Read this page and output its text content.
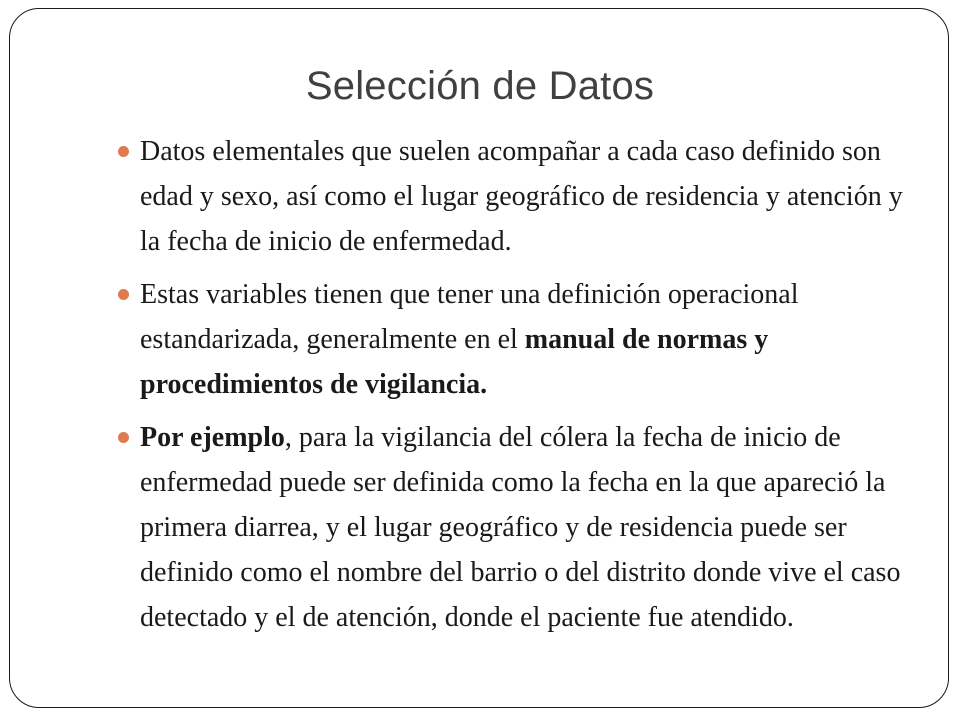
Selección de Datos
Datos elementales que suelen acompañar a cada caso definido son edad y sexo, así como el lugar geográfico de residencia y atención y la fecha de inicio de enfermedad.
Estas variables tienen que tener una definición operacional estandarizada, generalmente en el manual de normas y procedimientos de vigilancia.
Por ejemplo, para la vigilancia del cólera la fecha de inicio de enfermedad puede ser definida como la fecha en la que apareció la primera diarrea, y el lugar geográfico y de residencia puede ser definido como el nombre del barrio o del distrito donde vive el caso detectado y el de atención, donde el paciente fue atendido.
